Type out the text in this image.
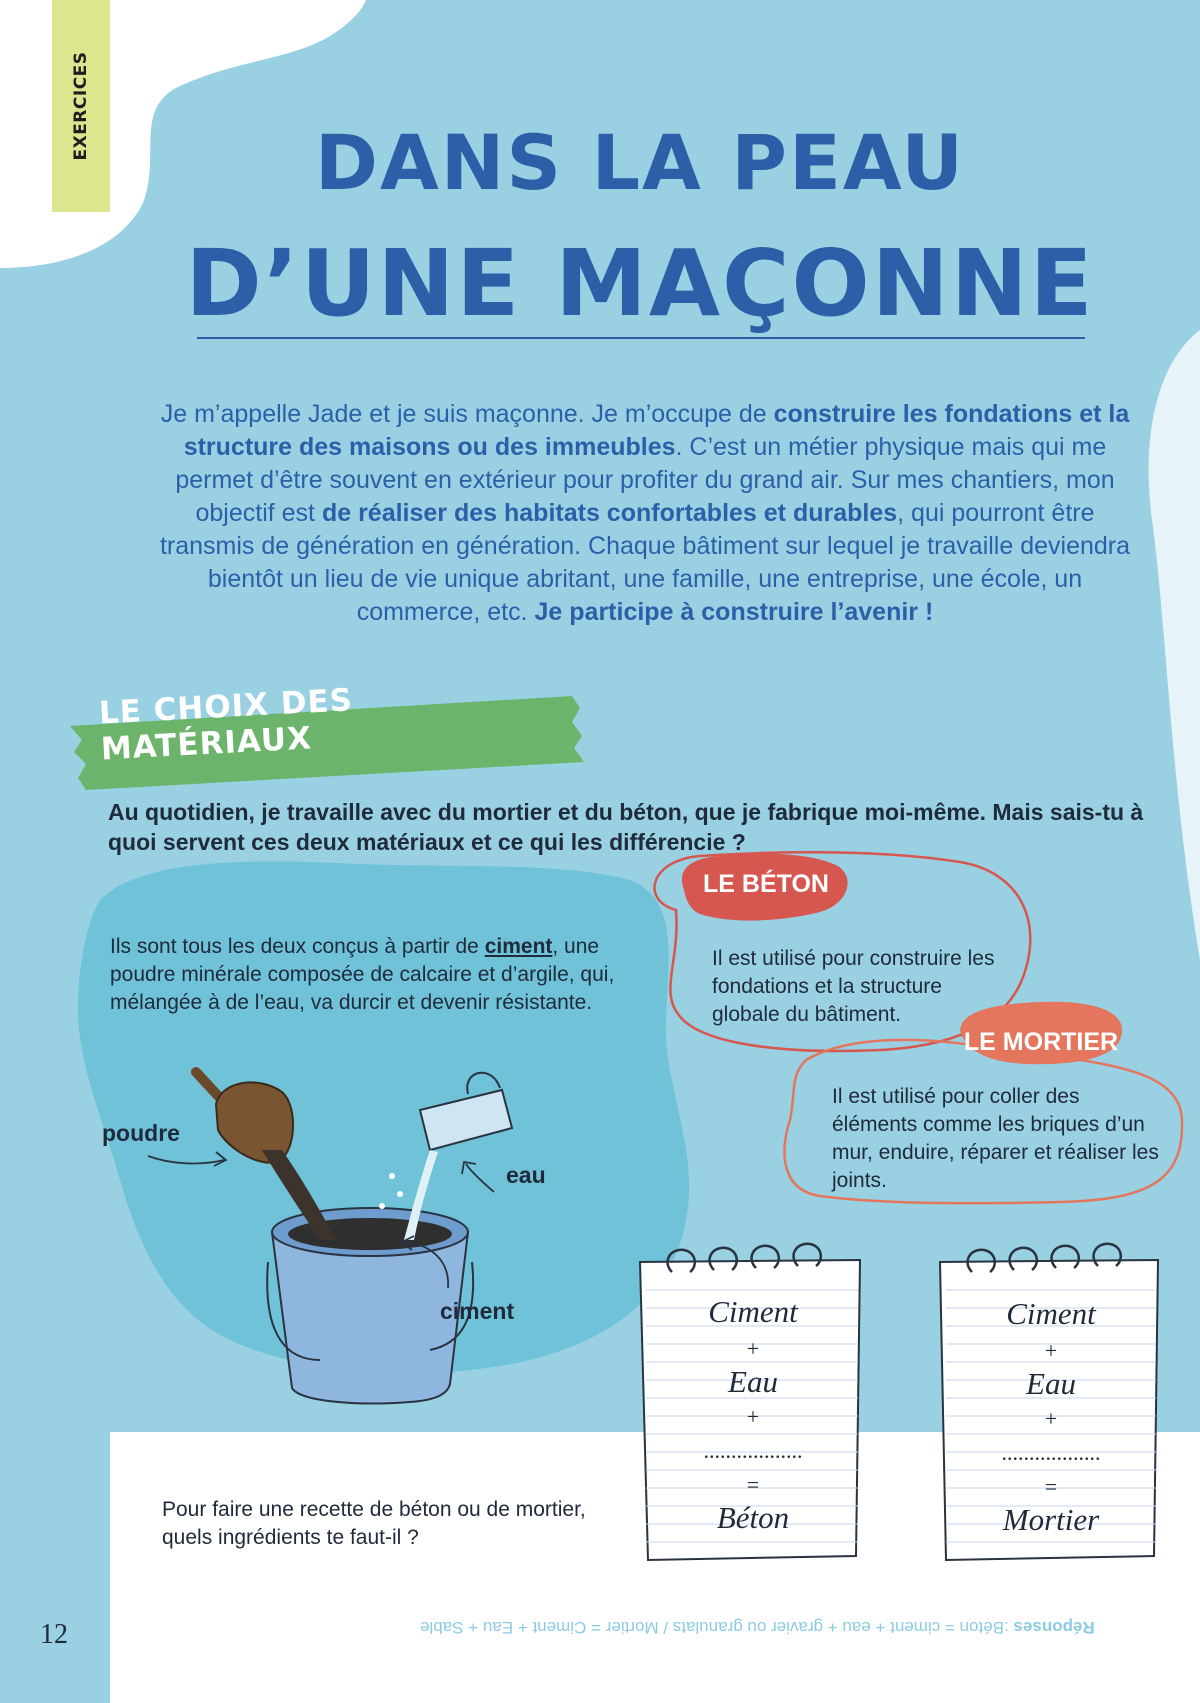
EXERCICES
DANS LA PEAU
D’UNE MAÇONNE

Je m’appelle Jade et je suis maçonne. Je m’occupe de construire les fondations et la structure des maisons ou des immeubles. C’est un métier physique mais qui me permet d’être souvent en extérieur pour profiter du grand air. Sur mes chantiers, mon objectif est de réaliser des habitats confortables et durables, qui pourront être transmis de génération en génération. Chaque bâtiment sur lequel je travaille deviendra bientôt un lieu de vie unique abritant, une famille, une entreprise, une école, un commerce, etc. Je participe à construire l’avenir !

LE CHOIX DES MATÉRIAUX

Au quotidien, je travaille avec du mortier et du béton, que je fabrique moi-même. Mais sais-tu à quoi servent ces deux matériaux et ce qui les différencie ?

Ils sont tous les deux conçus à partir de ciment, une poudre minérale composée de calcaire et d’argile, qui, mélangée à de l’eau, va durcir et devenir résistante.

poudre
eau
ciment
LE BÉTON

Il est utilisé pour construire les fondations et la structure globale du bâtiment.

LE MORTIER

Il est utilisé pour coller des éléments comme les briques d’un mur, enduire, réparer et réaliser les joints.

Ciment
+
Eau
+
..................
=
Béton
Ciment
+
Eau
+
..................
=
Mortier

Pour faire une recette de béton ou de mortier, quels ingrédients te faut-il ?

12	Réponses :Béton = ciment + eau + gravier ou granulats / Mortier = Ciment + Eau + Sable
